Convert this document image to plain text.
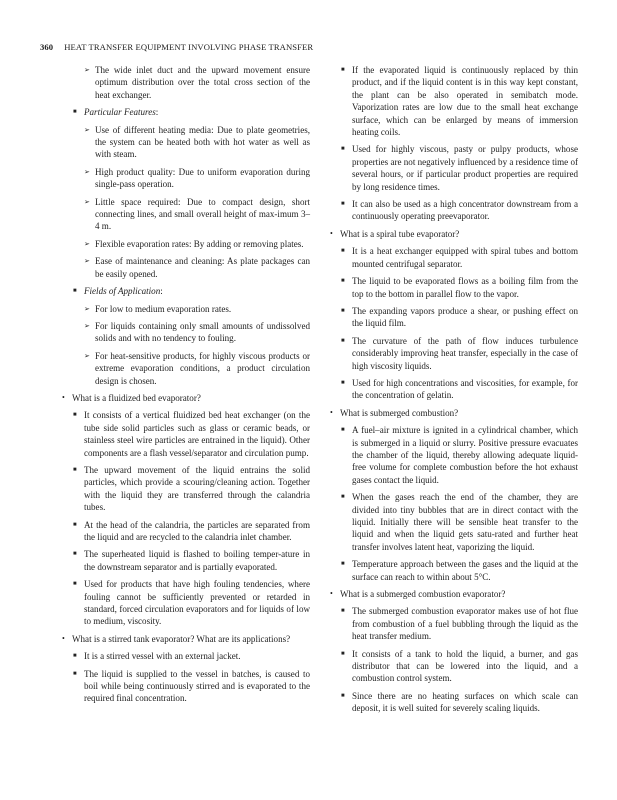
360 HEAT TRANSFER EQUIPMENT INVOLVING PHASE TRANSFER
➢ The wide inlet duct and the upward movement ensure optimum distribution over the total cross section of the heat exchanger.
■ Particular Features:
➢ Use of different heating media: Due to plate geometries, the system can be heated both with hot water as well as with steam.
➢ High product quality: Due to uniform evaporation during single-pass operation.
➢ Little space required: Due to compact design, short connecting lines, and small overall height of max-imum 3–4 m.
➢ Flexible evaporation rates: By adding or removing plates.
➢ Ease of maintenance and cleaning: As plate packages can be easily opened.
■ Fields of Application:
➢ For low to medium evaporation rates.
➢ For liquids containing only small amounts of undissolved solids and with no tendency to fouling.
➢ For heat-sensitive products, for highly viscous products or extreme evaporation conditions, a product circulation design is chosen.
• What is a fluidized bed evaporator?
■ It consists of a vertical fluidized bed heat exchanger (on the tube side solid particles such as glass or ceramic beads, or stainless steel wire particles are entrained in the liquid). Other components are a flash vessel/separator and circulation pump.
■ The upward movement of the liquid entrains the solid particles, which provide a scouring/cleaning action. Together with the liquid they are transferred through the calandria tubes.
■ At the head of the calandria, the particles are separated from the liquid and are recycled to the calandria inlet chamber.
■ The superheated liquid is flashed to boiling temper-ature in the downstream separator and is partially evaporated.
■ Used for products that have high fouling tendencies, where fouling cannot be sufficiently prevented or retarded in standard, forced circulation evaporators and for liquids of low to medium, viscosity.
• What is a stirred tank evaporator? What are its applications?
■ It is a stirred vessel with an external jacket.
■ The liquid is supplied to the vessel in batches, is caused to boil while being continuously stirred and is evaporated to the required final concentration.
■ If the evaporated liquid is continuously replaced by thin product, and if the liquid content is in this way kept constant, the plant can be also operated in semibatch mode. Vaporization rates are low due to the small heat exchange surface, which can be enlarged by means of immersion heating coils.
■ Used for highly viscous, pasty or pulpy products, whose properties are not negatively influenced by a residence time of several hours, or if particular product properties are required by long residence times.
■ It can also be used as a high concentrator downstream from a continuously operating preevaporator.
• What is a spiral tube evaporator?
■ It is a heat exchanger equipped with spiral tubes and bottom mounted centrifugal separator.
■ The liquid to be evaporated flows as a boiling film from the top to the bottom in parallel flow to the vapor.
■ The expanding vapors produce a shear, or pushing effect on the liquid film.
■ The curvature of the path of flow induces turbulence considerably improving heat transfer, especially in the case of high viscosity liquids.
■ Used for high concentrations and viscosities, for example, for the concentration of gelatin.
• What is submerged combustion?
■ A fuel–air mixture is ignited in a cylindrical chamber, which is submerged in a liquid or slurry. Positive pressure evacuates the chamber of the liquid, thereby allowing adequate liquid-free volume for complete combustion before the hot exhaust gases contact the liquid.
■ When the gases reach the end of the chamber, they are divided into tiny bubbles that are in direct contact with the liquid. Initially there will be sensible heat transfer to the liquid and when the liquid gets satu-rated and further heat transfer involves latent heat, vaporizing the liquid.
■ Temperature approach between the gases and the liquid at the surface can reach to within about 5°C.
• What is a submerged combustion evaporator?
■ The submerged combustion evaporator makes use of hot flue from combustion of a fuel bubbling through the liquid as the heat transfer medium.
■ It consists of a tank to hold the liquid, a burner, and gas distributor that can be lowered into the liquid, and a combustion control system.
■ Since there are no heating surfaces on which scale can deposit, it is well suited for severely scaling liquids.
